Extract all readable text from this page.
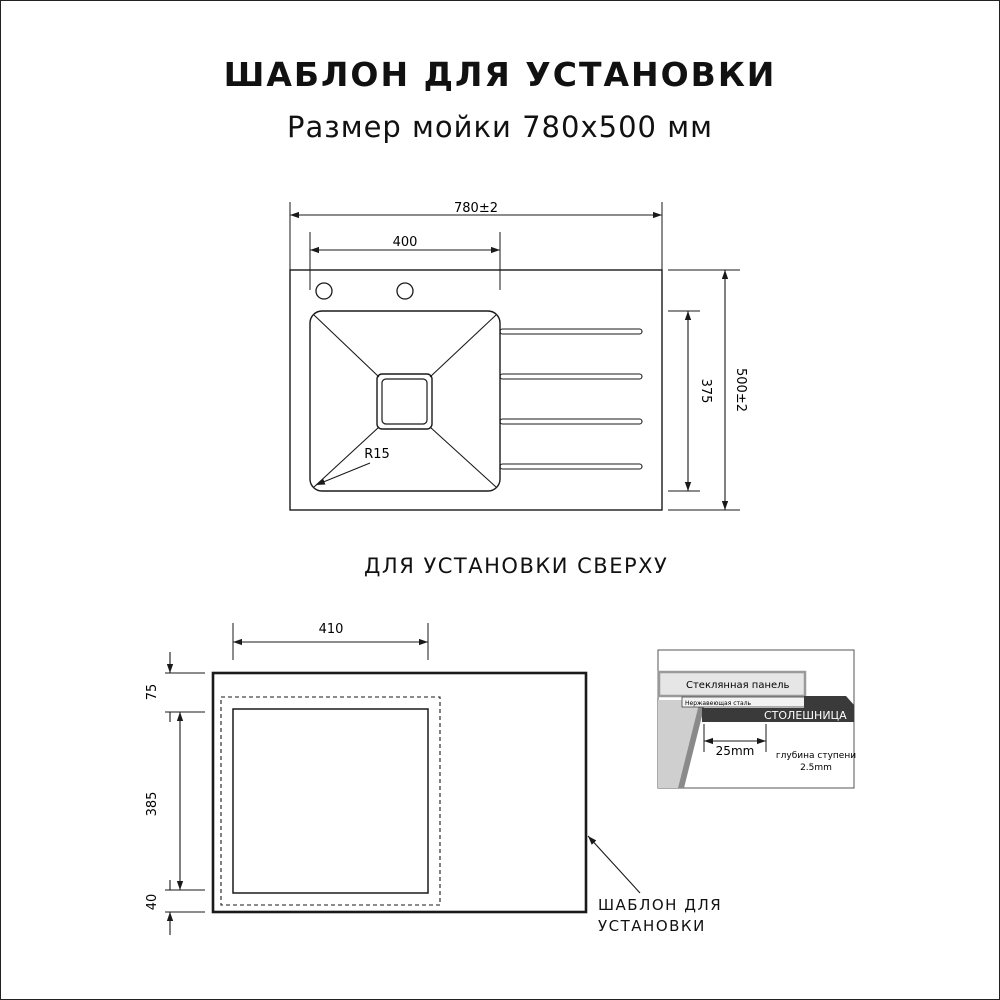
ШАБЛОН ДЛЯ УСТАНОВКИ
Размер мойки 780х500 мм
ДЛЯ УСТАНОВКИ СВЕРХУ
ШАБЛОН ДЛЯ
УСТАНОВКИ
780±2
400
R15
375 500±2
410
75
385
40
Стеклянная панель
Нержавеющая сталь
СТОЛЕШНИЦА
25mm глубина ступени
2.5mm
